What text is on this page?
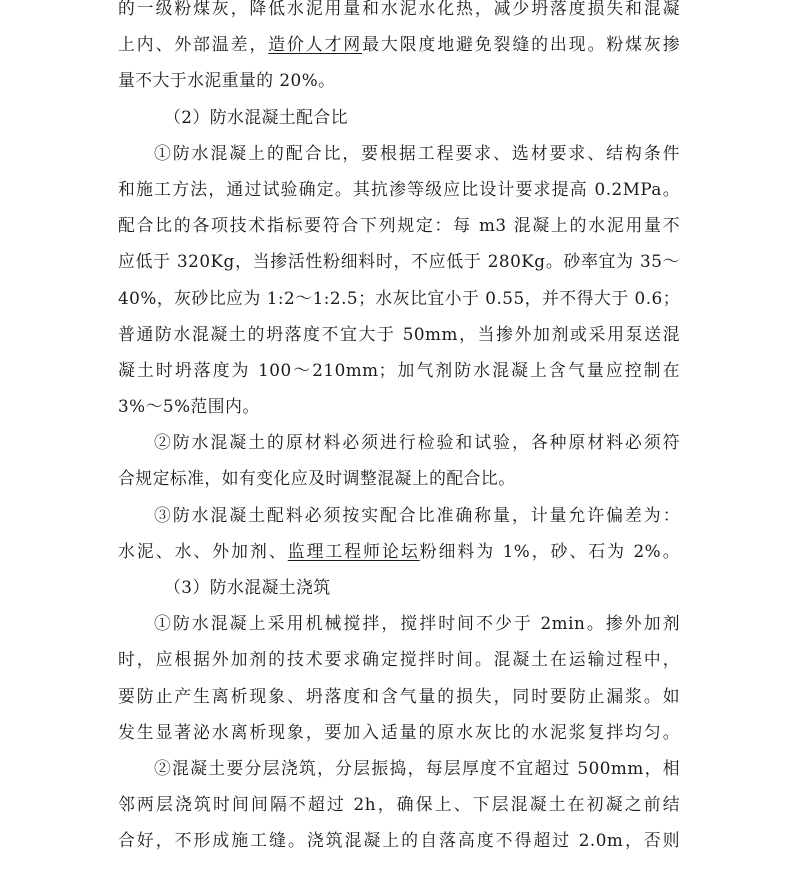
的一级粉煤灰，降低水泥用量和水泥水化热，减少坍落度损失和混凝
上内、外部温差，造价人才网最大限度地避免裂缝的出现。粉煤灰掺
量不大于水泥重量的 20%。
（2）防水混凝土配合比
①防水混凝上的配合比，要根据工程要求、选材要求、结构条件
和施工方法，通过试验确定。其抗渗等级应比设计要求提高 0.2MPa。
配合比的各项技术指标要符合下列规定：每 m3 混凝上的水泥用量不
应低于 320Kg，当掺活性粉细料时，不应低于 280Kg。砂率宜为 35～
40%，灰砂比应为 1:2～1:2.5；水灰比宜小于 0.55，并不得大于 0.6；
普通防水混凝土的坍落度不宜大于 50mm，当掺外加剂或采用泵送混
凝土时坍落度为 100～210mm；加气剂防水混凝上含气量应控制在
3%～5%范围内。
②防水混凝土的原材料必须进行检验和试验，各种原材料必须符
合规定标准，如有变化应及时调整混凝上的配合比。
③防水混凝土配料必须按实配合比准确称量，计量允许偏差为：
水泥、水、外加剂、监理工程师论坛粉细料为 1%，砂、石为 2%。
（3）防水混凝土浇筑
①防水混凝上采用机械搅拌，搅拌时间不少于 2min。掺外加剂
时，应根据外加剂的技术要求确定搅拌时间。混凝土在运输过程中，
要防止产生离析现象、坍落度和含气量的损失，同时要防止漏浆。如
发生显著泌水离析现象，要加入适量的原水灰比的水泥浆复拌均匀。
②混凝土要分层浇筑，分层振捣，每层厚度不宜超过 500mm，相
邻两层浇筑时间间隔不超过 2h，确保上、下层混凝土在初凝之前结
合好，不形成施工缝。浇筑混凝上的自落高度不得超过 2.0m，否则
